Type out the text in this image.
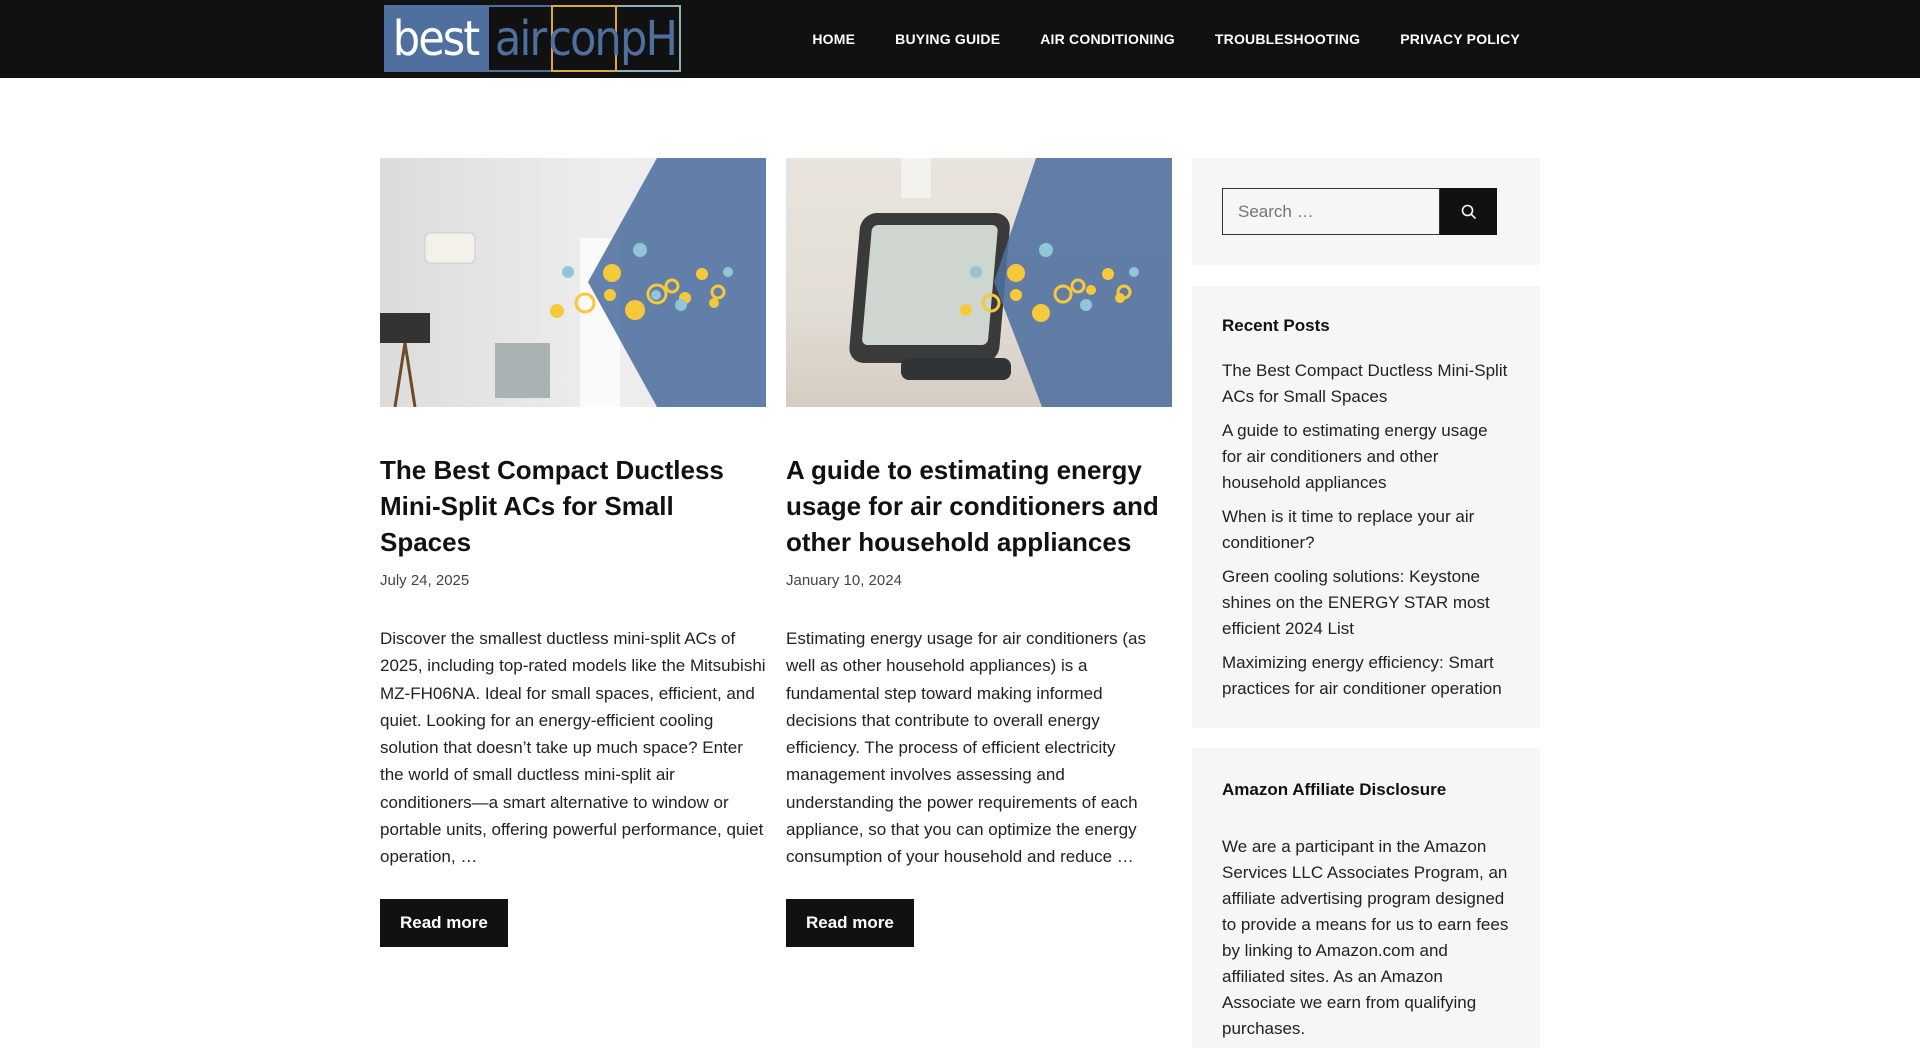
best air con pH	HOME	BUYING GUIDE	AIR CONDITIONING	TROUBLESHOOTING	PRIVACY POLICY
The Best Compact Ductless Mini-Split ACs for Small Spaces
July 24, 2025
Discover the smallest ductless mini-split ACs of 2025, including top-rated models like the Mitsubishi MZ-FH06NA. Ideal for small spaces, efficient, and quiet. Looking for an energy-efficient cooling solution that doesn’t take up much space? Enter the world of small ductless mini-split air conditioners—a smart alternative to window or portable units, offering powerful performance, quiet operation, …
Read more
A guide to estimating energy usage for air conditioners and other household appliances
January 10, 2024
Estimating energy usage for air conditioners (as well as other household appliances) is a fundamental step toward making informed decisions that contribute to overall energy efficiency. The process of efficient electricity management involves assessing and understanding the power requirements of each appliance, so that you can optimize the energy consumption of your household and reduce …
Read more
Search …
Recent Posts
The Best Compact Ductless Mini-Split ACs for Small Spaces
A guide to estimating energy usage for air conditioners and other household appliances
When is it time to replace your air conditioner?
Green cooling solutions: Keystone shines on the ENERGY STAR most efficient 2024 List
Maximizing energy efficiency: Smart practices for air conditioner operation
Amazon Affiliate Disclosure

We are a participant in the Amazon Services LLC Associates Program, an affiliate advertising program designed to provide a means for us to earn fees by linking to Amazon.com and affiliated sites. As an Amazon Associate we earn from qualifying purchases.
